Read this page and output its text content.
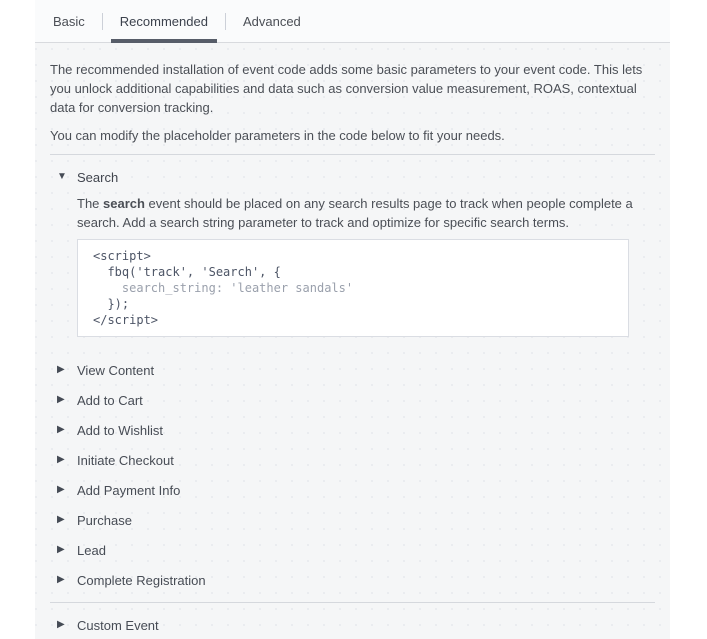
Basic	Recommended	Advanced

The recommended installation of event code adds some basic parameters to your event code. This lets you unlock additional capabilities and data such as conversion value measurement, ROAS, contextual data for conversion tracking.

You can modify the placeholder parameters in the code below to fit your needs.

▼ Search

The search event should be placed on any search results page to track when people complete a search. Add a search string parameter to track and optimize for specific search terms.

<script>
fbq('track', 'Search', {
search_string: 'leather sandals'
});
</script>
▶ View Content
▶ Add to Cart
▶ Add to Wishlist
▶ Initiate Checkout
▶ Add Payment Info
▶ Purchase
▶ Lead
▶ Complete Registration
▶ Custom Event
